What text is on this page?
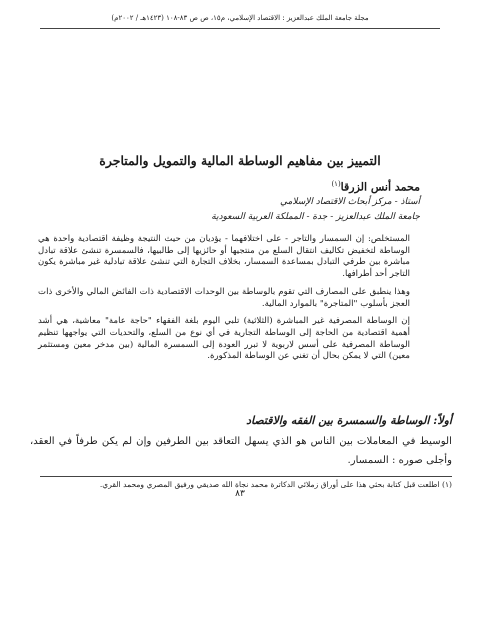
مجلة جامعة الملك عبدالعزيز : الاقتصاد الإسلامي، م١٥، ص ص ٨٣-١٠٨ (١٤٢٣هـ / ٢٠٠٢م)
التمييز بين مفاهيم الوساطة المالية والتمويل والمتاجرة
محمد أنس الزرقا$^{(١)}$
أستاذ - مركز أبحاث الاقتصاد الإسلامي
جامعة الملك عبدالعزيز - جدة - المملكة العربية السعودية

المستخلص: إن السمسار والتاجر - على اختلافهما - يؤديان من حيث النتيجة وظيفة اقتصادية واحدة هي الوساطة لتخفيض تكاليف انتقال السلع من منتجيها أو حائزيها إلى طالبيها، فالسمسرة تنشئ علاقة تبادل مباشرة بين طرفي التبادل بمساعدة السمسار، بخلاف التجارة التي تنشئ علاقة تبادلية غير مباشرة يكون التاجر أحد أطرافها.

وهذا ينطبق على المصارف التي تقوم بالوساطة بين الوحدات الاقتصادية ذات الفائض المالي والأخرى ذات العجز بأسلوب "المتاجرة" بالموارد المالية.

إن الوساطة المصرفية غير المباشرة (الثلاثية) تلبي اليوم بلغة الفقهاء "حاجة عامة" معاشية، هي أشد أهمية اقتصادية من الحاجة إلى الوساطة التجارية في أي نوع من السلع، والتحديات التي يواجهها تنظيم الوساطة المصرفية على أسس لاربوية لا تبرر العودة إلى السمسرة المالية (بين مدخر معين ومستثمر معين) التي لا يمكن بحال أن تغني عن الوساطة المذكورة.

أولاً: الوساطة والسمسرة بين الفقه والاقتصاد

الوسيط في المعاملات بين الناس هو الذي يسهل التعاقد بين الطرفين وإن لم يكن طرفاً في العقد، وأجلى صوره : السمسار.

(١) اطلعت قبل كتابة بحثي هذا على أوراق زملائي الدكاترة محمد نجاة الله صديقي ورفيق المصري ومحمد القري.
٨٣
